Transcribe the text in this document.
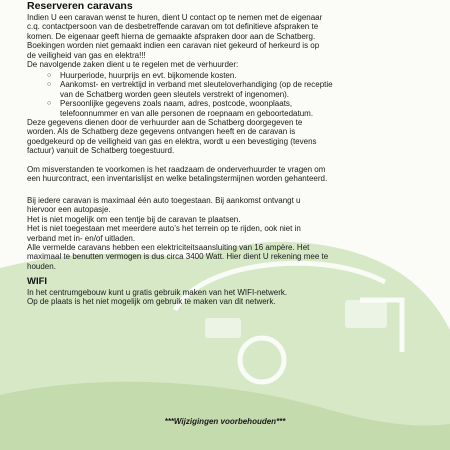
Reserveren caravans

Indien U een caravan wenst te huren, dient U contact op te nemen met de eigenaar

c.q. contactpersoon van de desbetreffende caravan om tot definitieve afspraken te

komen. De eigenaar geeft hierna de gemaakte afspraken door aan de Schatberg.

Boekingen worden niet gemaakt indien een caravan niet gekeurd of herkeurd is op

de veiligheid van gas en elektra!!!

De navolgende zaken dient u te regelen met de verhuurder:

○ Huurperiode, huurprijs en evt. bijkomende kosten.

○ Aankomst- en vertrektijd in verband met sleuteloverhandiging (op de receptie

van de Schatberg worden geen sleutels verstrekt of ingenomen).

○ Persoonlijke gegevens zoals naam, adres, postcode, woonplaats,

telefoonnummer en van alle personen de roepnaam en geboortedatum.

Deze gegevens dienen door de verhuurder aan de Schatberg doorgegeven te

worden. Als de Schatberg deze gegevens ontvangen heeft en de caravan is

goedgekeurd op de veiligheid van gas en elektra, wordt u een bevestiging (tevens

factuur) vanuit de Schatberg toegestuurd.

Om misverstanden te voorkomen is het raadzaam de onderverhuurder te vragen om

een huurcontract, een inventarislijst en welke betalingstermijnen worden gehanteerd.

Bij iedere caravan is maximaal één auto toegestaan. Bij aankomst ontvangt u

hiervoor een autopasje.

Het is niet mogelijk om een tentje bij de caravan te plaatsen.

Het is niet toegestaan met meerdere auto’s het terrein op te rijden, ook niet in

verband met in- en/of uitladen.

Alle vermelde caravans hebben een elektriciteitsaansluiting van 16 ampère. Het

maximaal te benutten vermogen is dus circa 3400 Watt. Hier dient U rekening mee te

houden.

WIFI

In het centrumgebouw kunt u gratis gebruik maken van het WIFI-netwerk.

Op de plaats is het niet mogelijk om gebruik te maken van dit netwerk.

***Wijzigingen voorbehouden***
